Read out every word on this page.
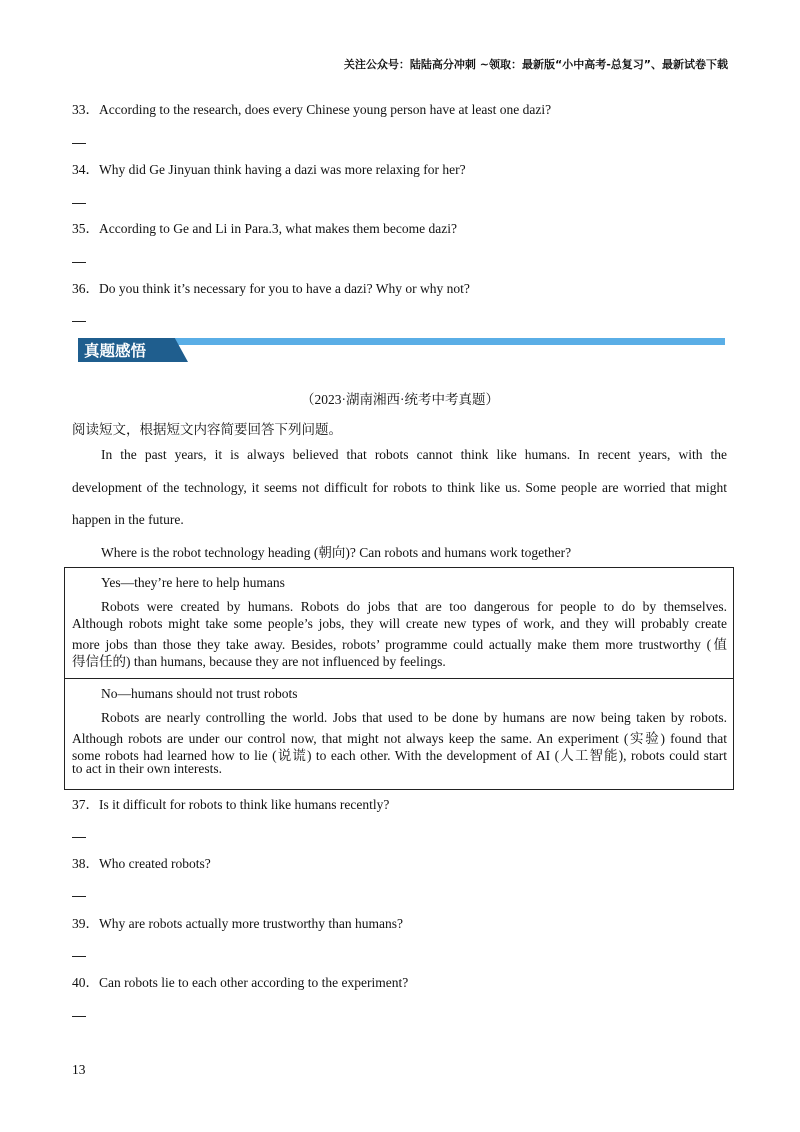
关注公众号：陆陆高分冲刺 ~领取：最新版“小中高考-总复习”、最新试卷下载
33．According to the research, does every Chinese young person have at least one dazi?
34．Why did Ge Jinyuan think having a dazi was more relaxing for her?
35．According to Ge and Li in Para.3, what makes them become dazi?
36．Do you think it’s necessary for you to have a dazi? Why or why not?
真题感悟
（2023·湖南湘西·统考中考真题）
阅读短文，根据短文内容简要回答下列问题。
In the past years, it is always believed that robots cannot think like humans. In recent years, with the
development of the technology, it seems not difficult for robots to think like us. Some people are worried that might
happen in the future.
Where is the robot technology heading (朝向)? Can robots and humans work together?
Yes—they’re here to help humans
Robots were created by humans. Robots do jobs that are too dangerous for people to do by themselves.
Although robots might take some people’s jobs, they will create new types of work, and they will probably create
more jobs than those they take away. Besides, robots’ programme could actually make them more trustworthy (值
得信任的) than humans, because they are not influenced by feelings.
No—humans should not trust robots
Robots are nearly controlling the world. Jobs that used to be done by humans are now being taken by robots.
Although robots are under our control now, that might not always keep the same. An experiment (实验) found that
some robots had learned how to lie (说谎) to each other. With the development of AI (人工智能), robots could start
to act in their own interests.
37．Is it difficult for robots to think like humans recently?
38．Who created robots?
39．Why are robots actually more trustworthy than humans?
40．Can robots lie to each other according to the experiment?
13
